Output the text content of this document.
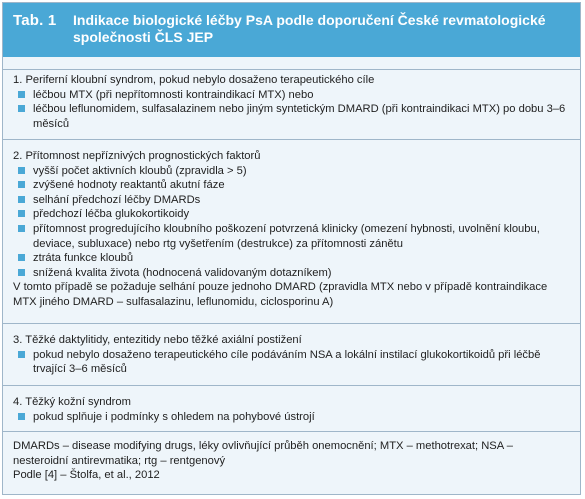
Tab. 1	Indikace biologické léčby PsA podle doporučení České revmatologické společnosti ČLS JEP

1. Periferní kloubní syndrom, pokud nebylo dosaženo terapeutického cíle

léčbou MTX (při nepřítomnosti kontraindikací MTX) nebo
léčbou leflunomidem, sulfasalazinem nebo jiným syntetickým DMARD (při kontraindikaci MTX) po dobu 3–6 měsíců

2. Přítomnost nepříznivých prognostických faktorů

vyšší počet aktivních kloubů (zpravidla > 5)
zvýšené hodnoty reaktantů akutní fáze
selhání předchozí léčby DMARDs
předchozí léčba glukokortikoidy
přítomnost progredujícího kloubního poškození potvrzená klinicky (omezení hybnosti, uvolnění kloubu, deviace, subluxace) nebo rtg vyšetřením (destrukce) za přítomnosti zánětu
ztráta funkce kloubů
snížená kvalita života (hodnocená validovaným dotazníkem)

V tomto případě se požaduje selhání pouze jednoho DMARD (zpravidla MTX nebo v případě kontraindikace MTX jiného DMARD – sulfasalazinu, leflunomidu, ciclosporinu A)

3. Těžké daktylitidy, entezitidy nebo těžké axiální postižení

pokud nebylo dosaženo terapeutického cíle podáváním NSA a lokální instilací glukokortikoidů při léčbě trvající 3–6 měsíců

4. Těžký kožní syndrom

pokud splňuje i podmínky s ohledem na pohybové ústrojí

DMARDs – disease modifying drugs, léky ovlivňující průběh onemocnění; MTX – methotrexat; NSA – nesteroidní antirevmatika; rtg – rentgenový

Podle [4] – Štolfa, et al., 2012
